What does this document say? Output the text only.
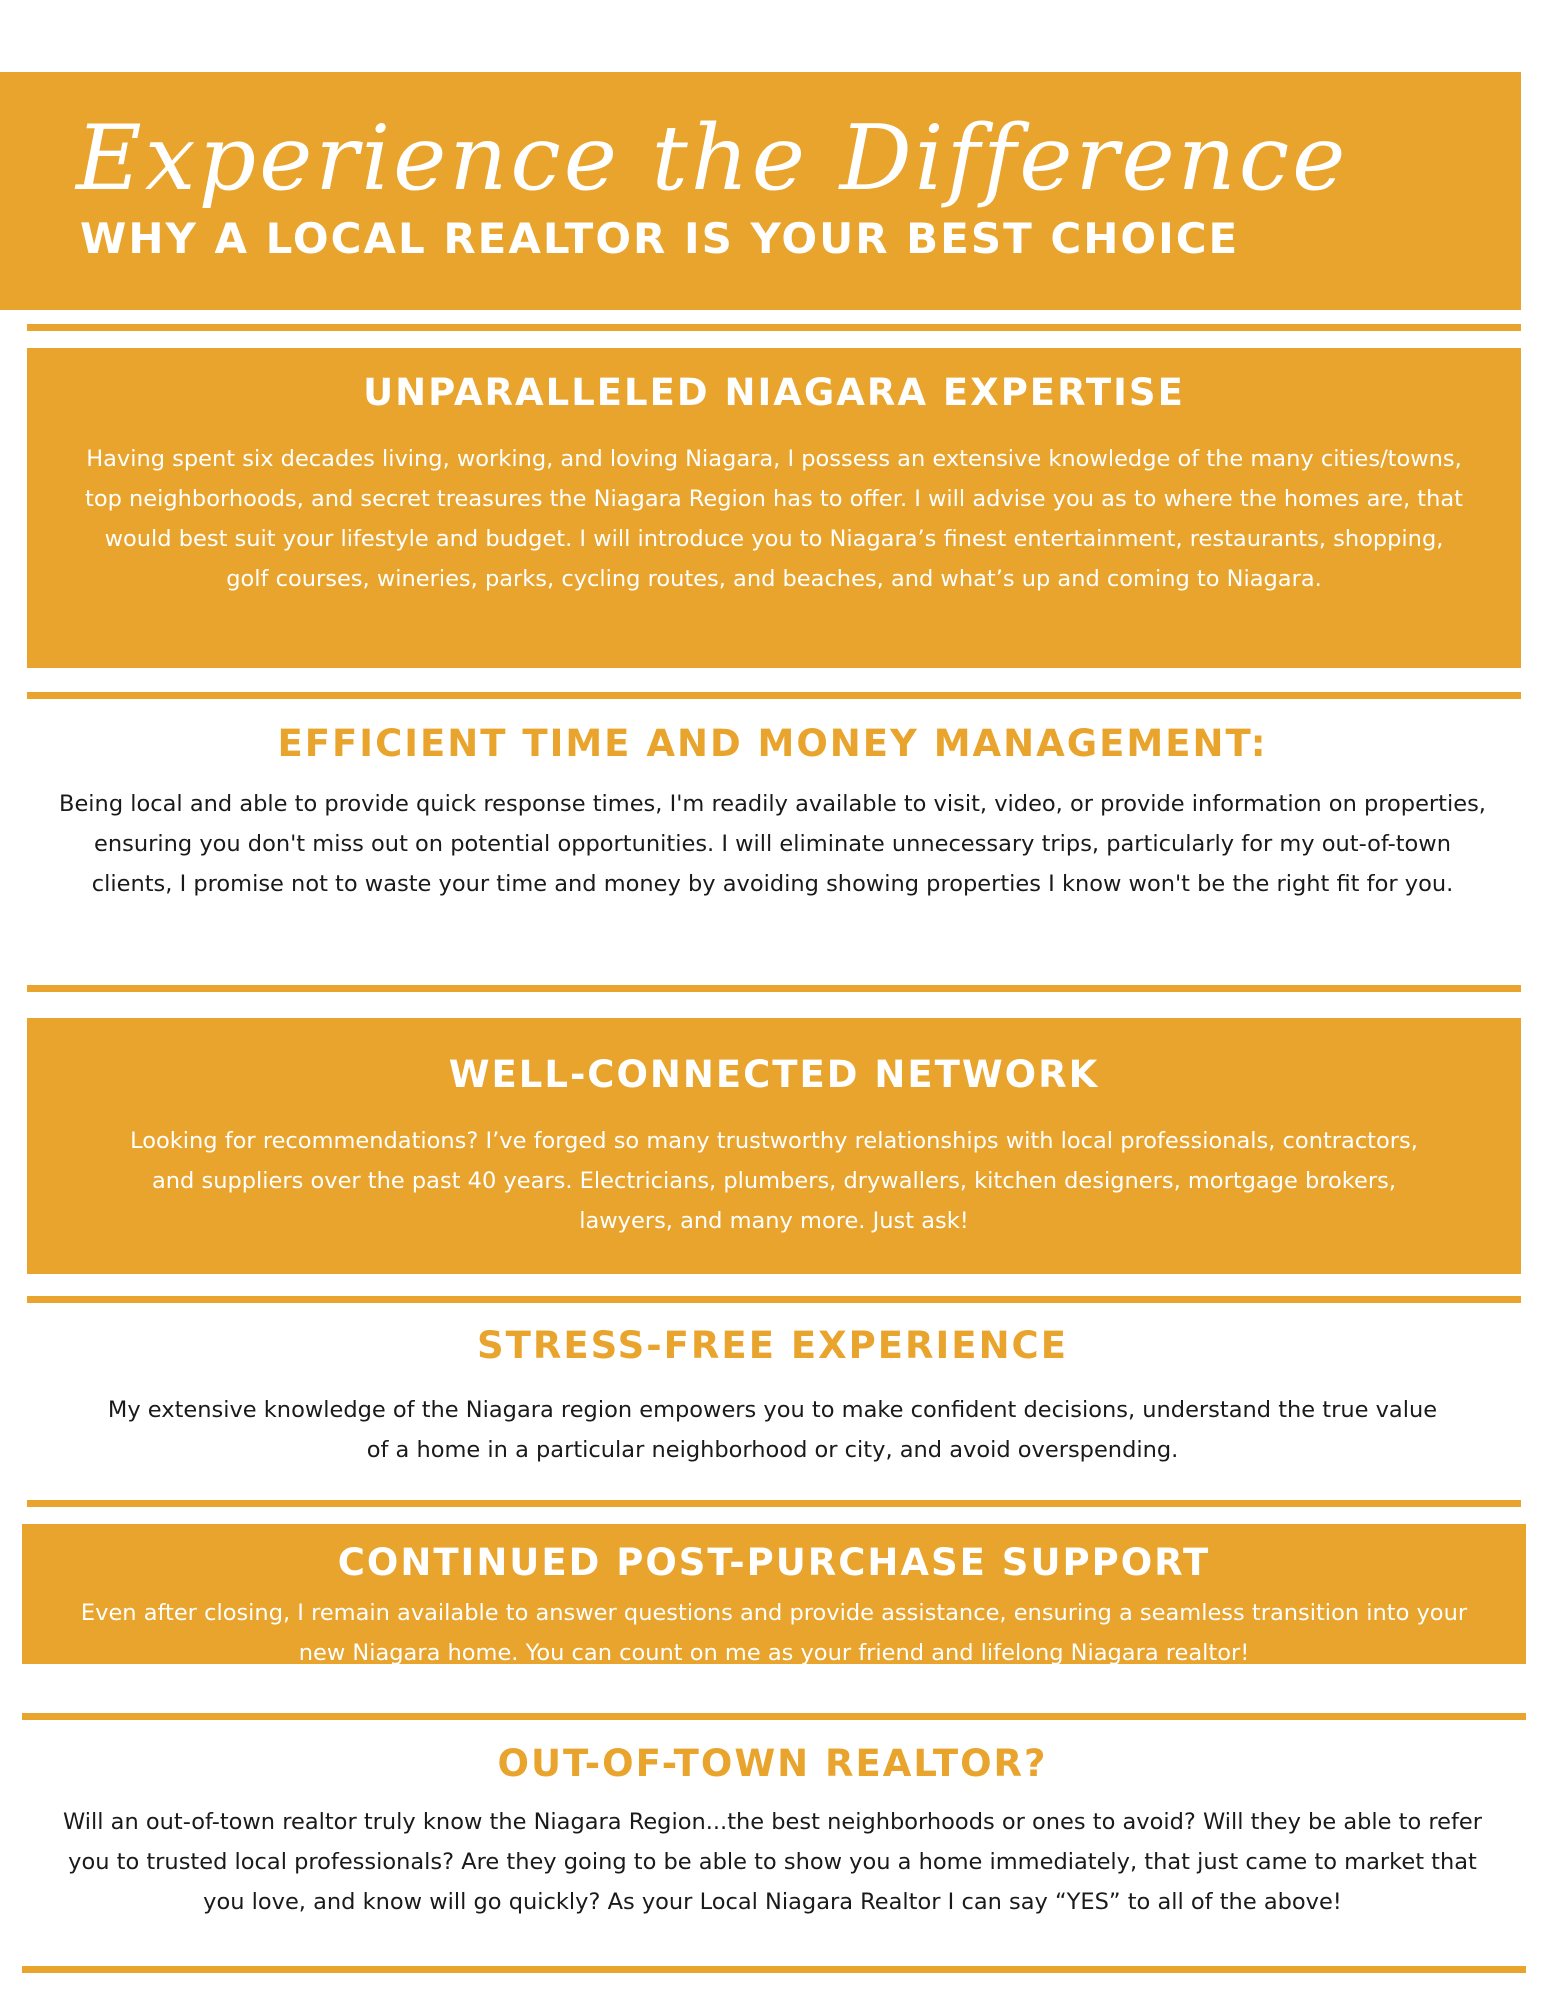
Experience the Difference
WHY A LOCAL REALTOR IS YOUR BEST CHOICE
UNPARALLELED NIAGARA EXPERTISE

Having spent six decades living, working, and loving Niagara, I possess an extensive knowledge of the many cities/towns, top neighborhoods, and secret treasures the Niagara Region has to offer. I will advise you as to where the homes are, that would best suit your lifestyle and budget. I will introduce you to Niagara’s finest entertainment, restaurants, shopping, golf courses, wineries, parks, cycling routes, and beaches, and what’s up and coming to Niagara.

EFFICIENT TIME AND MONEY MANAGEMENT:

Being local and able to provide quick response times, I'm readily available to visit, video, or provide information on properties, ensuring you don't miss out on potential opportunities. I will eliminate unnecessary trips, particularly for my out-of-town clients, I promise not to waste your time and money by avoiding showing properties I know won't be the right fit for you.

WELL-CONNECTED NETWORK

Looking for recommendations? I’ve forged so many trustworthy relationships with local professionals, contractors, and suppliers over the past 40 years. Electricians, plumbers, drywallers, kitchen designers, mortgage brokers, lawyers, and many more. Just ask!

STRESS-FREE EXPERIENCE

My extensive knowledge of the Niagara region empowers you to make confident decisions, understand the true value of a home in a particular neighborhood or city, and avoid overspending.

CONTINUED POST-PURCHASE SUPPORT

Even after closing, I remain available to answer questions and provide assistance, ensuring a seamless transition into your new Niagara home. You can count on me as your friend and lifelong Niagara realtor!

OUT-OF-TOWN REALTOR?

Will an out-of-town realtor truly know the Niagara Region...the best neighborhoods or ones to avoid? Will they be able to refer you to trusted local professionals? Are they going to be able to show you a home immediately, that just came to market that you love, and know will go quickly? As your Local Niagara Realtor I can say “YES” to all of the above!
